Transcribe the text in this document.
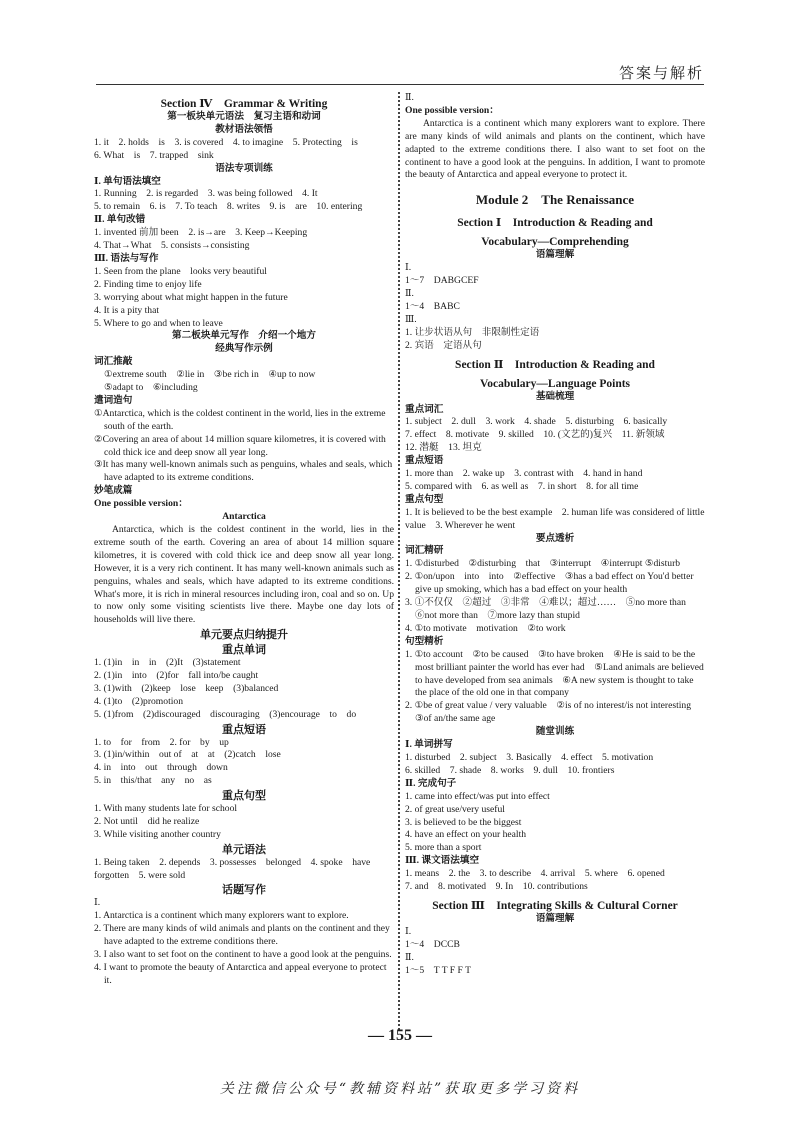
答案与解析
Section Ⅳ　Grammar & Writing
第一板块单元语法　复习主语和动词
教材语法领悟
1. it　2. holds　is　3. is covered　4. to imagine　5. Protecting　is
6. What　is　7. trapped　sink
语法专项训练
Ⅰ. 单句语法填空
1. Running　2. is regarded　3. was being followed　4. It
5. to remain　6. is　7. To teach　8. writes　9. is　are　10. entering
Ⅱ. 单句改错
1. invented 前加 been　2. is→are　3. Keep→Keeping
4. That→What　5. consists→consisting
Ⅲ. 语法与写作
1. Seen from the plane　looks very beautiful
2. Finding time to enjoy life
3. worrying about what might happen in the future
4. It is a pity that
5. Where to go and when to leave
第二板块单元写作　介绍一个地方
经典写作示例
词汇推敲
①extreme south　②lie in　③be rich in　④up to now
⑤adapt to　⑥including
遣词造句
①Antarctica, which is the coldest continent in the world, lies in the extreme south of the earth.
②Covering an area of about 14 million square kilometres, it is covered with cold thick ice and deep snow all year long.
③It has many well-known animals such as penguins, whales and seals, which have adapted to its extreme conditions.
妙笔成篇
One possible version：
Antarctica
Antarctica, which is the coldest continent in the world, lies in the extreme south of the earth. Covering an area of about 14 million square kilometres, it is covered with cold thick ice and deep snow all year long. However, it is a very rich continent. It has many well-known animals such as penguins, whales and seals, which have adapted to its extreme conditions. What's more, it is rich in mineral resources including iron, coal and so on. Up to now only some visiting scientists live there. Maybe one day lots of households will live there.
单元要点归纳提升
重点单词
1. (1)in　in　in　(2)It　(3)statement
2. (1)in　into　(2)for　fall into/be caught
3. (1)with　(2)keep　lose　keep　(3)balanced
4. (1)to　(2)promotion
5. (1)from　(2)discouraged　discouraging　(3)encourage　to　do
重点短语
1. to　for　from　2. for　by　up
3. (1)in/within　out of　at　at　(2)catch　lose
4. in　into　out　through　down
5. in　this/that　any　no　as
重点句型
1. With many students late for school
2. Not until　did he realize
3. While visiting another country
单元语法
1. Being taken　2. depends　3. possesses　belonged　4. spoke　have forgotten　5. were sold
话题写作
Ⅰ.
1. Antarctica is a continent which many explorers want to explore.
2. There are many kinds of wild animals and plants on the continent and they have adapted to the extreme conditions there.
3. I also want to set foot on the continent to have a good look at the penguins.
4. I want to promote the beauty of Antarctica and appeal everyone to protect it.
Ⅱ.
One possible version：
Antarctica is a continent which many explorers want to explore. There are many kinds of wild animals and plants on the continent, which have adapted to the extreme conditions there. I also want to set foot on the continent to have a good look at the penguins. In addition, I want to promote the beauty of Antarctica and appeal everyone to protect it.
Module 2　The Renaissance
Section Ⅰ　Introduction & Reading and
Vocabulary—Comprehending
语篇理解
Ⅰ.
1～7　DABGCEF
Ⅱ.
1～4　BABC
Ⅲ.
1. 让步状语从句　非限制性定语
2. 宾语　定语从句
Section Ⅱ　Introduction & Reading and
Vocabulary—Language Points
基础梳理
重点词汇
1. subject　2. dull　3. work　4. shade　5. disturbing　6. basically
7. effect　8. motivate　9. skilled　10. (文艺的)复兴　11. 新领域
12. 潜艇　13. 坦克
重点短语
1. more than　2. wake up　3. contrast with　4. hand in hand
5. compared with　6. as well as　7. in short　8. for all time
重点句型
1. It is believed to be the best example　2. human life was considered of little value　3. Wherever he went
要点透析
词汇精研
1. ①disturbed　②disturbing　that　③interrupt　④interrupt ⑤disturb
2. ①on/upon　into　into　②effective　③has a bad effect on You'd better give up smoking, which has a bad effect on your health
3. ①不仅仅　②超过　③非常　④难以；超过……　⑤no more than　⑥not more than　⑦more lazy than stupid
4. ①to motivate　motivation　②to work
句型精析
1. ①to account　②to be caused　③to have broken　④He is said to be the most brilliant painter the world has ever had　⑤Land animals are believed to have developed from sea animals　⑥A new system is thought to take the place of the old one in that company
2. ①be of great value / very valuable　②is of no interest/is not interesting　③of an/the same age
随堂训练
Ⅰ. 单词拼写
1. disturbed　2. subject　3. Basically　4. effect　5. motivation
6. skilled　7. shade　8. works　9. dull　10. frontiers
Ⅱ. 完成句子
1. came into effect/was put into effect
2. of great use/very useful
3. is believed to be the biggest
4. have an effect on your health
5. more than a sport
Ⅲ. 课文语法填空
1. means　2. the　3. to describe　4. arrival　5. where　6. opened
7. and　8. motivated　9. In　10. contributions
Section Ⅲ　Integrating Skills & Cultural Corner
语篇理解
Ⅰ.
1～4　DCCB
Ⅱ.
1～5　T T F F T
— 155 —
关注微信公众号“教辅资料站”获取更多学习资料
